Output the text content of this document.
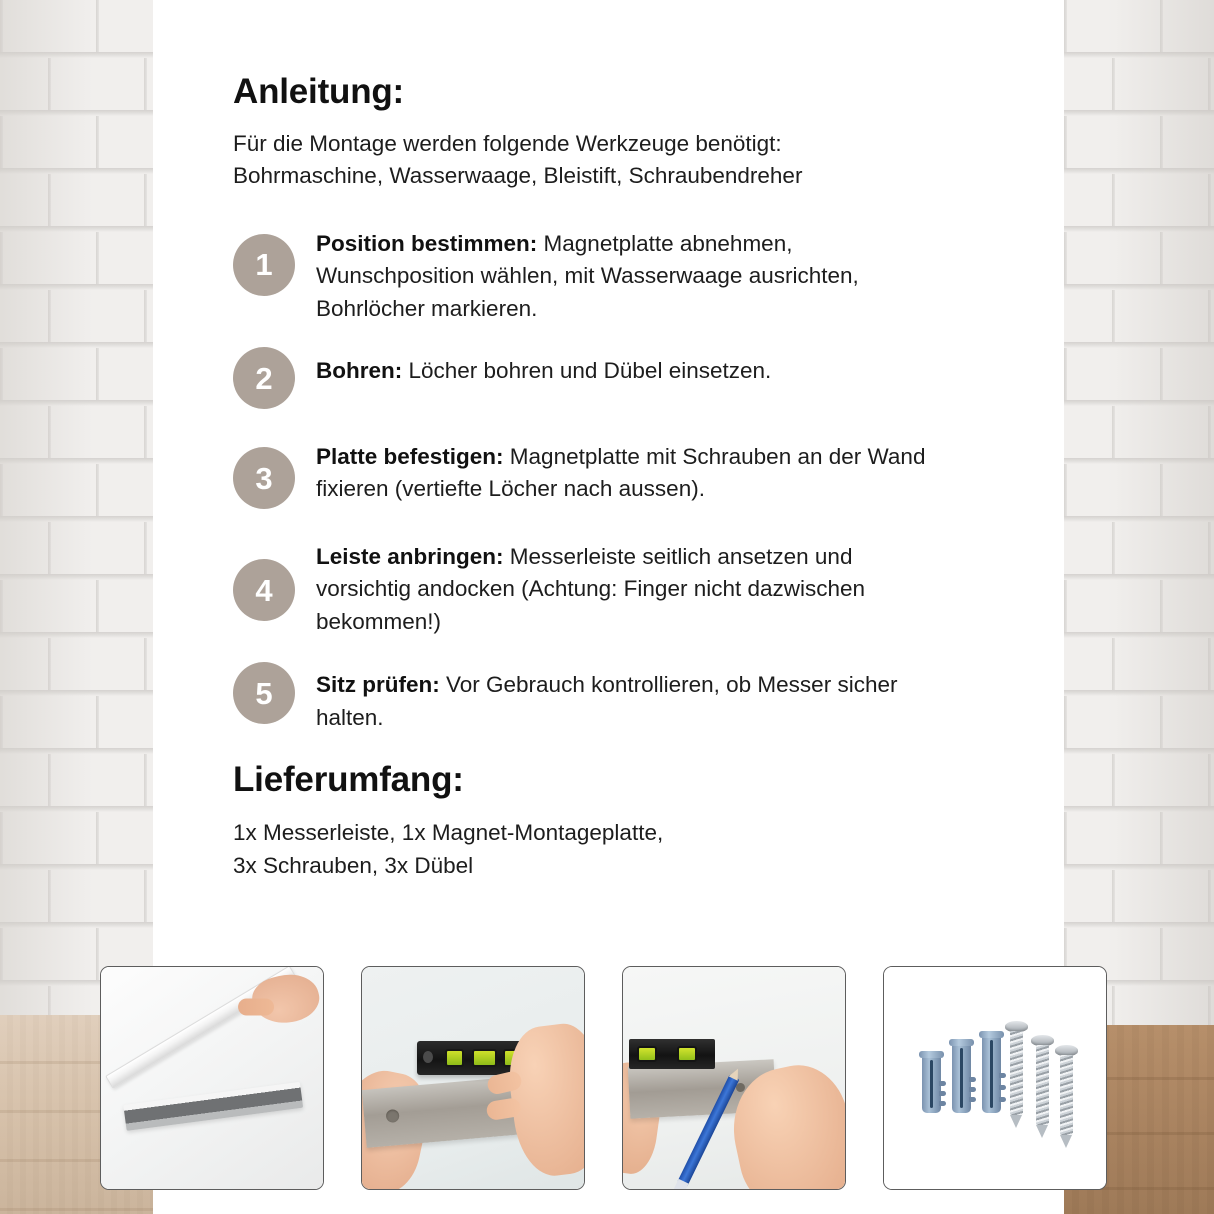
Anleitung:
Für die Montage werden folgende Werkzeuge benötigt:
Bohrmaschine, Wasserwaage, Bleistift, Schraubendreher
1
Position bestimmen: Magnetplatte abnehmen, Wunschposition wählen, mit Wasserwaage ausrichten, Bohrlöcher markieren.
2	Bohren: Löcher bohren und Dübel einsetzen.
3
Platte befestigen: Magnetplatte mit Schrauben an der Wand fixieren (vertiefte Löcher nach aussen).
4
Leiste anbringen: Messerleiste seitlich ansetzen und vorsichtig andocken (Achtung: Finger nicht dazwischen bekommen!)
5	Sitz prüfen: Vor Gebrauch kontrollieren, ob Messer sicher halten.
Lieferumfang:
1x Messerleiste, 1x Magnet-Montageplatte,
3x Schrauben, 3x Dübel
